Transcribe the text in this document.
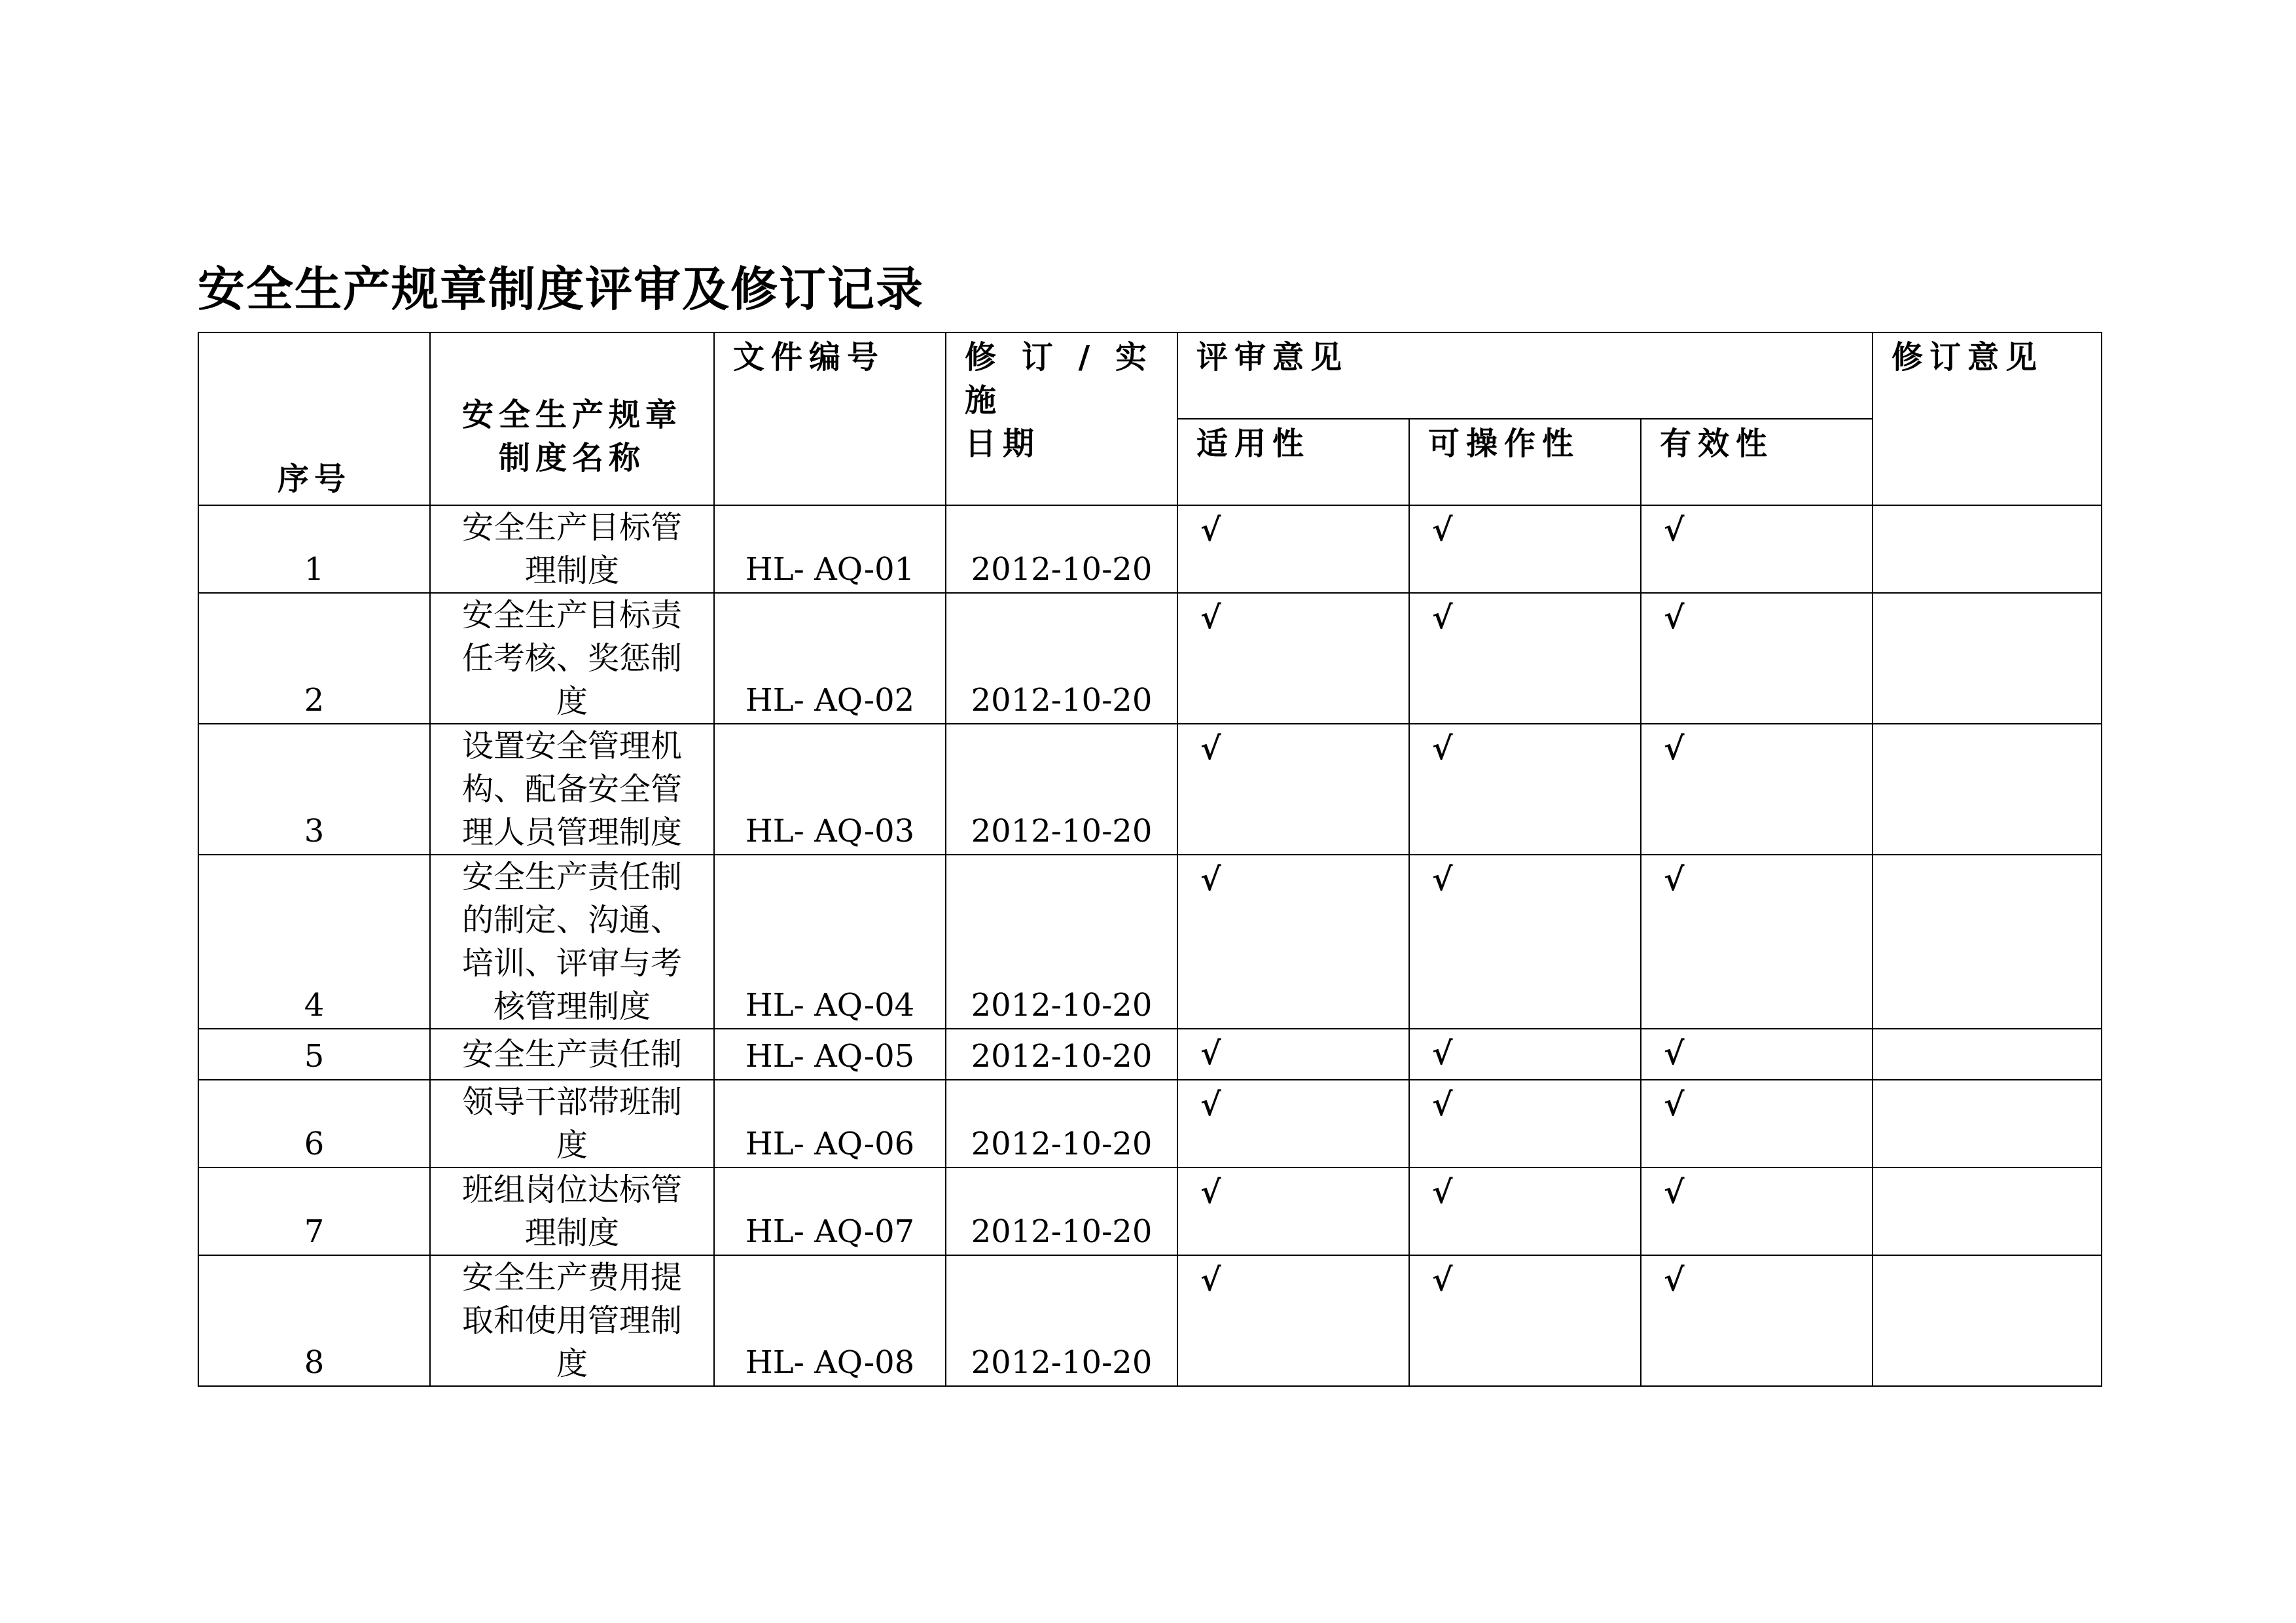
安全生产规章制度评审及修订记录
序号	安全生产规章
制度名称	文件编号	修订/实施
日期	评审意见			修订意见
				适用性	可操作性	有效性	
1	安全生产目标管
理制度	HL- AQ-01	2012-10-20	√	√	√	
2	安全生产目标责
任考核、奖惩制
度	HL- AQ-02	2012-10-20	√	√	√	
3	设置安全管理机
构、配备安全管
理人员管理制度	HL- AQ-03	2012-10-20	√	√	√	
4	安全生产责任制
的制定、沟通、
培训、评审与考
核管理制度	HL- AQ-04	2012-10-20	√	√	√	
5	安全生产责任制	HL- AQ-05	2012-10-20	√	√	√	
6	领导干部带班制
度	HL- AQ-06	2012-10-20	√	√	√	
7	班组岗位达标管
理制度	HL- AQ-07	2012-10-20	√	√	√	
8	安全生产费用提
取和使用管理制
度	HL- AQ-08	2012-10-20	√	√	√	
